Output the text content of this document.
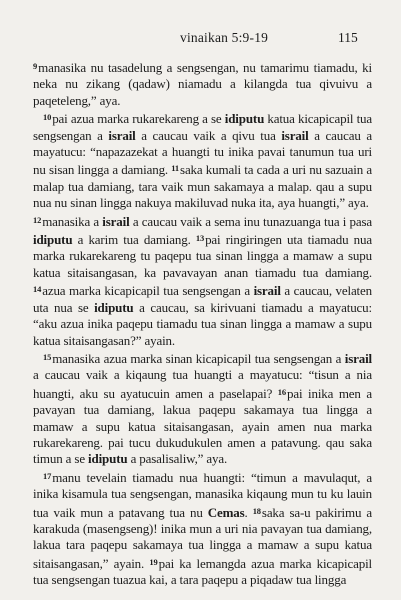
vinaikan 5:9-19	115

$^9$manasika nu tasadelung a sengsengan, nu tamarimu tiamadu, ki neka nu zikang (qadaw) niamadu a kilangda tua qivuivu a paqeteleng,” aya.

$^{10}$pai azua marka rukarekareng a se idiputu katua kicapicapil tua sengsengan a israil a caucau vaik a qivu tua israil a caucau a mayatucu: “napazazekat a huangti tu inika pavai tanumun tua uri nu sisan lingga a damiang. $^{11}$saka kumali ta cada a uri nu sazuain a malap tua damiang, tara vaik mun sakamaya a malap. qau a supu nua nu sinan lingga nakuya makiluvad nuka ita, aya huangti,” aya.

$^{12}$manasika a israil a caucau vaik a sema inu tunazuanga tua i pasa idiputu a karim tua damiang. $^{13}$pai ringiringen uta tiamadu nua marka rukarekareng tu paqepu tua sinan lingga a mamaw a supu katua sitaisangasan, ka pavavayan anan tiamadu tua damiang. $^{14}$azua marka kicapicapil tua sengsengan a israil a caucau, velaten uta nua se idiputu a caucau, sa kirivuani tiamadu a mayatucu: “aku azua inika paqepu tiamadu tua sinan lingga a mamaw a supu katua sitaisangasan?” ayain.

$^{15}$manasika azua marka sinan kicapicapil tua sengsengan a israil a caucau vaik a kiqaung tua huangti a mayatucu: “tisun a nia huangti, aku su ayatucuin amen a paselapai? $^{16}$pai inika men a pavayan tua damiang, lakua paqepu sakamaya tua lingga a mamaw a supu katua sitaisangasan, ayain amen nua marka rukarekareng. pai tucu dukudukulen amen a patavung. qau saka timun a se idiputu a pasalisaliw,” aya.

$^{17}$manu tevelain tiamadu nua huangti: “timun a mavulaqut, a inika kisamula tua sengsengan, manasika kiqaung mun tu ku lauin tua vaik mun a patavang tua nu Cemas. $^{18}$saka sa-u pakirimu a karakuda (masengseng)! inika mun a uri nia pavayan tua damiang, lakua tara paqepu sakamaya tua lingga a mamaw a supu katua sitaisangasan,” ayain. $^{19}$pai ka lemangda azua marka kicapicapil tua sengsengan tuazua kai, a tara paqepu a piqadaw tua lingga
